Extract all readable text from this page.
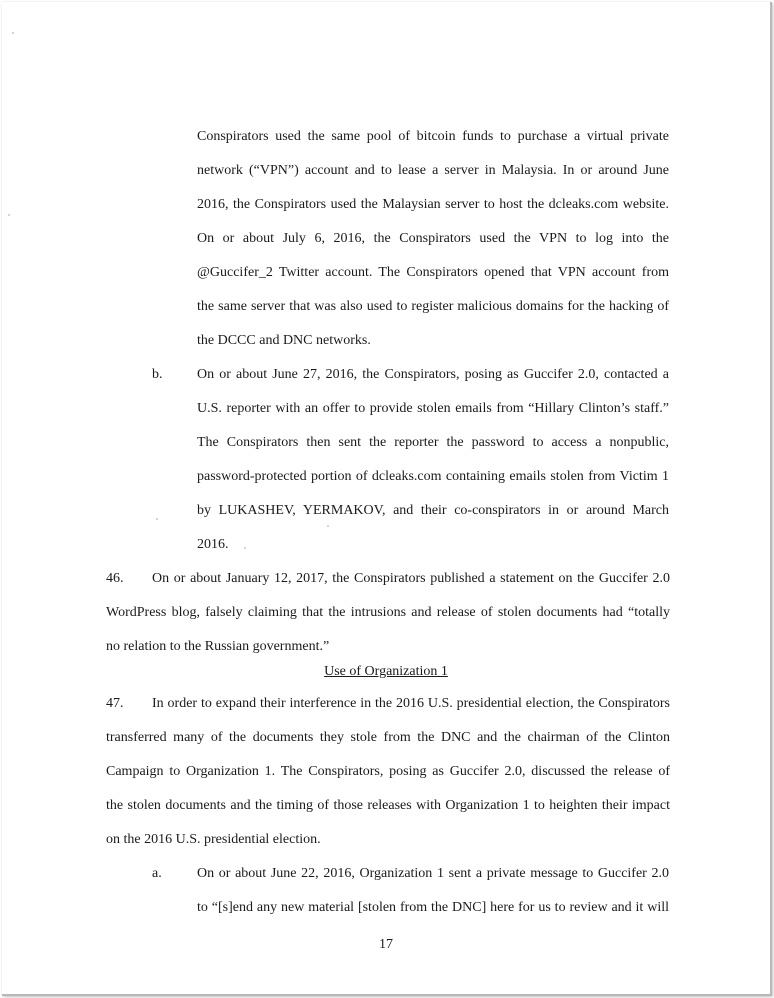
Conspirators used the same pool of bitcoin funds to purchase a virtual private
network (“VPN”) account and to lease a server in Malaysia. In or around June
2016, the Conspirators used the Malaysian server to host the dcleaks.com website.
On or about July 6, 2016, the Conspirators used the VPN to log into the
@Guccifer_2 Twitter account. The Conspirators opened that VPN account from
the same server that was also used to register malicious domains for the hacking of
the DCCC and DNC networks.
b. On or about June 27, 2016, the Conspirators, posing as Guccifer 2.0, contacted a
U.S. reporter with an offer to provide stolen emails from “Hillary Clinton’s staff.”
The Conspirators then sent the reporter the password to access a nonpublic,
password-protected portion of dcleaks.com containing emails stolen from Victim 1
by LUKASHEV, YERMAKOV, and their co-conspirators in or around March
2016.
46. On or about January 12, 2017, the Conspirators published a statement on the Guccifer 2.0
WordPress blog, falsely claiming that the intrusions and release of stolen documents had “totally
no relation to the Russian government.”
Use of Organization 1
47. In order to expand their interference in the 2016 U.S. presidential election, the Conspirators
transferred many of the documents they stole from the DNC and the chairman of the Clinton
Campaign to Organization 1. The Conspirators, posing as Guccifer 2.0, discussed the release of
the stolen documents and the timing of those releases with Organization 1 to heighten their impact
on the 2016 U.S. presidential election.
a.	On or about June 22, 2016, Organization 1 sent a private message to Guccifer 2.0
to “[s]end any new material [stolen from the DNC] here for us to review and it will
17
